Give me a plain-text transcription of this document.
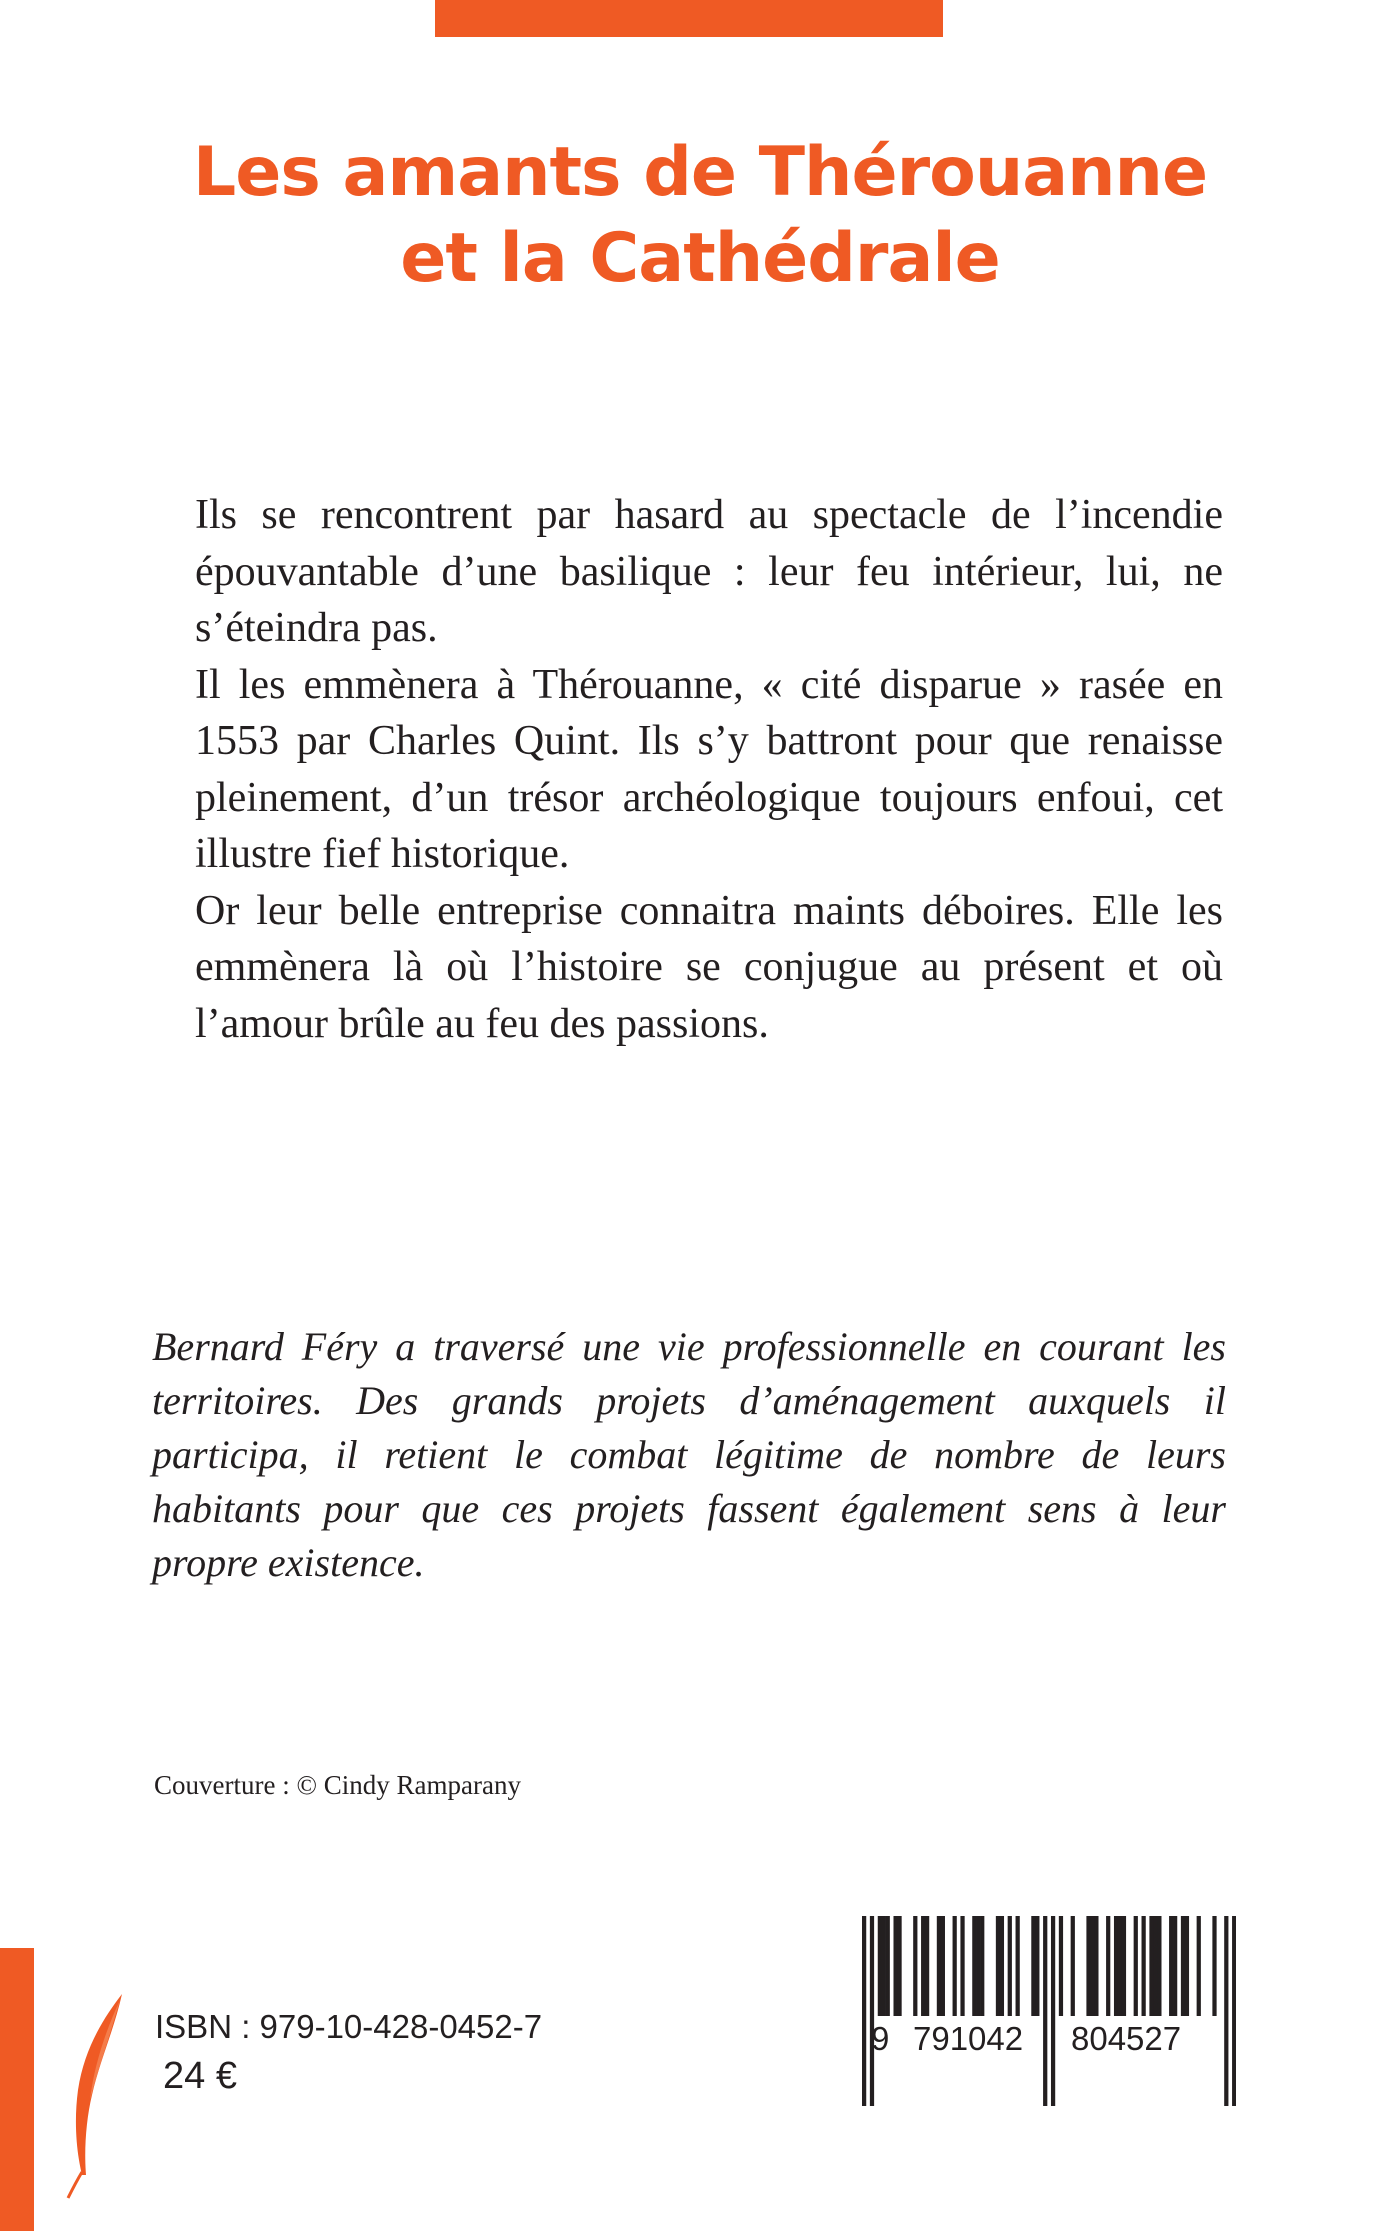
Les amants de Thérouanne
et la Cathédrale

Ils se rencontrent par hasard au spectacle de l’incendie épouvantable d’une basilique : leur feu intérieur, lui, ne s’éteindra pas.

Il les emmènera à Thérouanne, « cité disparue » rasée en 1553 par Charles Quint. Ils s’y battront pour que renaisse pleinement, d’un trésor archéologique toujours enfoui, cet illustre fief historique.

Or leur belle entreprise connaitra maints déboires. Elle les emmènera là où l’histoire se conjugue au présent et où l’amour brûle au feu des passions.

Bernard Féry a traversé une vie professionnelle en courant les territoires. Des grands projets d’aménagement auxquels il participa, il retient le combat légitime de nombre de leurs habitants pour que ces projets fassent également sens à leur propre existence.

Couverture : © Cindy Ramparany

ISBN : 979-10-428-0452-7

24 €

9 791042 804527
